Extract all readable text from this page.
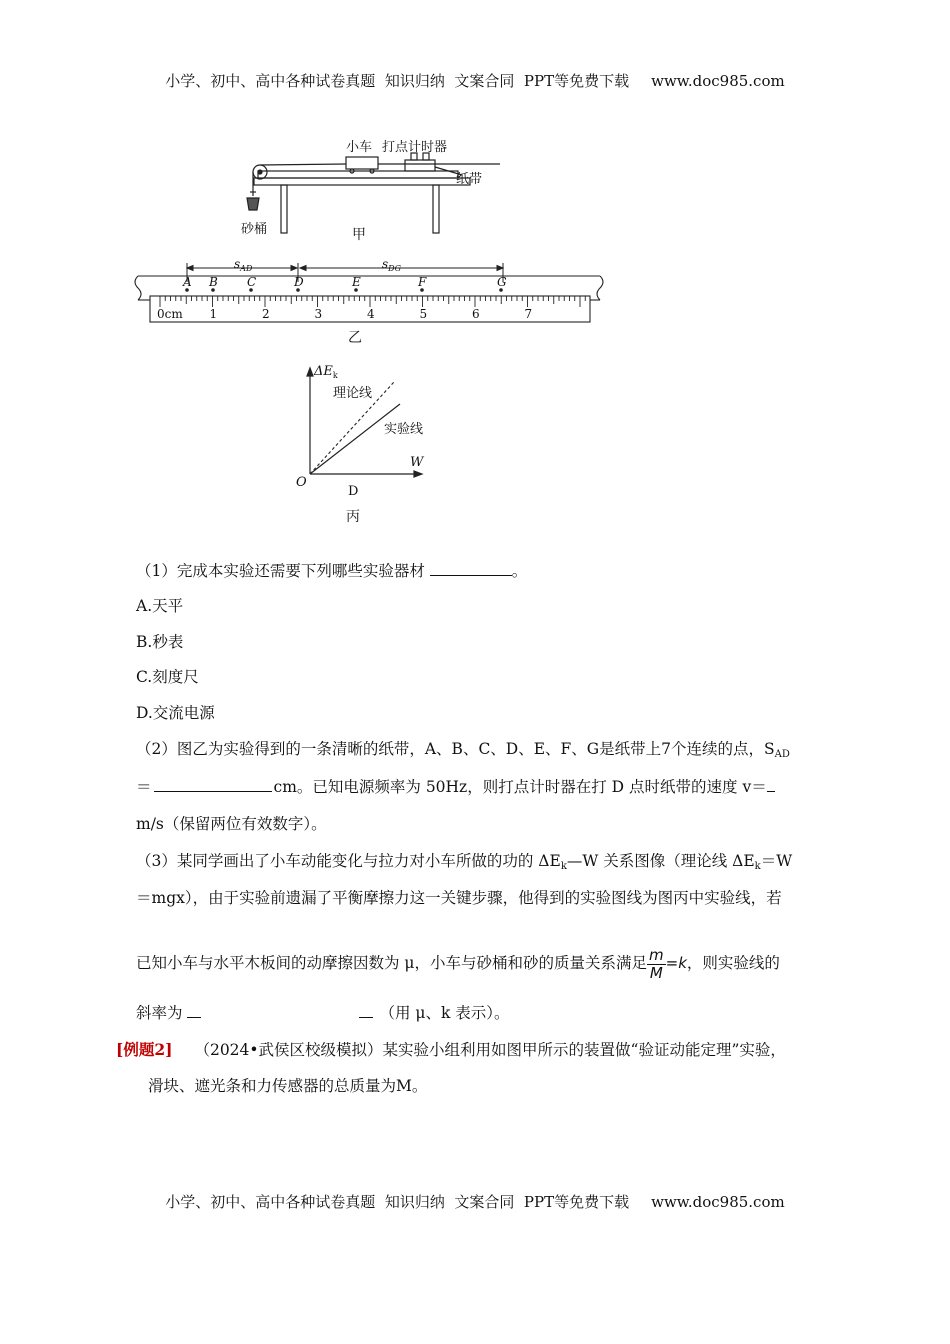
小学、初中、高中各种试卷真题  知识归纳  文案合同  PPT等免费下载 www.doc985.com
小车 打点计时器
纸带
砂桶	甲
$s_{AD}$	$s_{DG}$
A B C	D	E	F	G
0cm 1	2	3	4	5	6	7
乙
$\Delta E_k$
W
O
理论线
实验线
D
丙
（1）完成本实验还需要下列哪些实验器材	。
A.天平
B.秒表
C.刻度尺
D.交流电源
（2）图乙为实验得到的一条清晰的纸带，A、B、C、D、E、F、G是纸带上7个连续的点，$S_{AD}$
＝	cm。已知电源频率为 50Hz，则打点计时器在打 D 点时纸带的速度 v＝
m/s（保留两位有效数字）。
（3）某同学画出了小车动能变化与拉力对小车所做的功的 $\Delta E_k—W$ 关系图像（理论线 $\Delta E_k=W$
＝mgx），由于实验前遗漏了平衡摩擦力这一关键步骤，他得到的实验图线为图丙中实验线，若
已知小车与水平木板间的动摩擦因数为 μ，小车与砂桶和砂的质量关系满足 $\frac{m}{M} =k$，则实验线的
斜率为	（用 μ、k 表示）。
[例题2] （2024•武侯区校级模拟）某实验小组利用如图甲所示的装置做“验证动能定理”实验，
滑块、遮光条和力传感器的总质量为M。
小学、初中、高中各种试卷真题  知识归纳  文案合同  PPT等免费下载 www.doc985.com
